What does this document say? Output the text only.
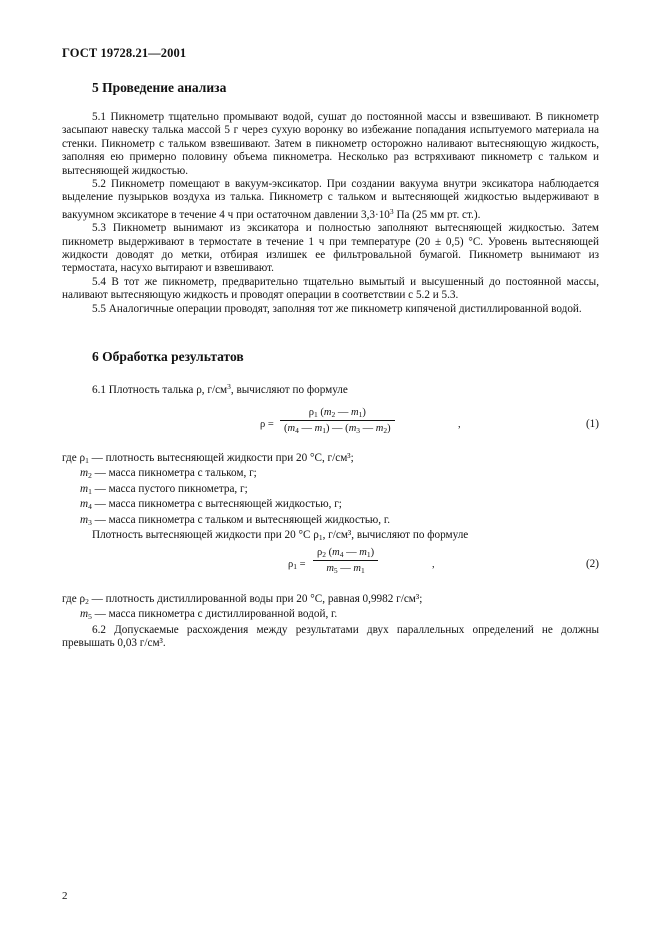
ГОСТ 19728.21—2001
5 Проведение анализа

5.1 Пикнометр тщательно промывают водой, сушат до постоянной массы и взвешивают. В пикнометр засыпают навеску талька массой 5 г через сухую воронку во избежание попадания испытуемого материала на стенки. Пикнометр с тальком взвешивают. Затем в пикнометр осторожно наливают вытесняющую жидкость, заполняя ею примерно половину объема пикнометра. Несколько раз встряхивают пикнометр с тальком и вытесняющей жидкостью.

5.2 Пикнометр помещают в вакуум-эксикатор. При создании вакуума внутри эксикатора наблюдается выделение пузырьков воздуха из талька. Пикнометр с тальком и вытесняющей жидкостью выдерживают в вакуумном эксикаторе в течение 4 ч при остаточном давлении $3,3\cdot 10^3$ Па (25 мм рт. ст.).

5.3 Пикнометр вынимают из эксикатора и полностью заполняют вытесняющей жидкостью. Затем пикнометр выдерживают в термостате в течение 1 ч при температуре (20 ± 0,5) °С. Уровень вытесняющей жидкости доводят до метки, отбирая излишек ее фильтровальной бумагой. Пикнометр вынимают из термостата, насухо вытирают и взвешивают.

5.4 В тот же пикнометр, предварительно тщательно вымытый и высушенный до постоянной массы, наливают вытесняющую жидкость и проводят операции в соответствии с 5.2 и 5.3.

5.5 Аналогичные операции проводят, заполняя тот же пикнометр кипяченой дистиллированной водой.

6 Обработка результатов

6.1 Плотность талька ρ, $г/см^3$, вычисляют по формуле

$\rho = \frac{\rho_1 (m_2 — m_1)}{(m_4 — m_1) — (m_3 — m_2)}$	,	(1)
где $\rho_1$ — плотность вытесняющей жидкости при 20 °С, г/см³;
$m_2$ — масса пикнометра с тальком, г;
$m_1$ — масса пустого пикнометра, г;
$m_4$ — масса пикнометра с вытесняющей жидкостью, г;
$m_3$ — масса пикнометра с тальком и вытесняющей жидкостью, г.
Плотность вытесняющей жидкости при 20 °С $\rho_1$, г/см³, вычисляют по формуле
$\rho_1 = \frac{\rho_2 (m_4 — m_1)}{m_5 — m_1}$	,	(2)
где $\rho_2$ — плотность дистиллированной воды при 20 °С, равная 0,9982 г/см³;
$m_5$ — масса пикнометра с дистиллированной водой, г.

6.2 Допускаемые расхождения между результатами двух параллельных определений не должны превышать 0,03 г/см³.

2
